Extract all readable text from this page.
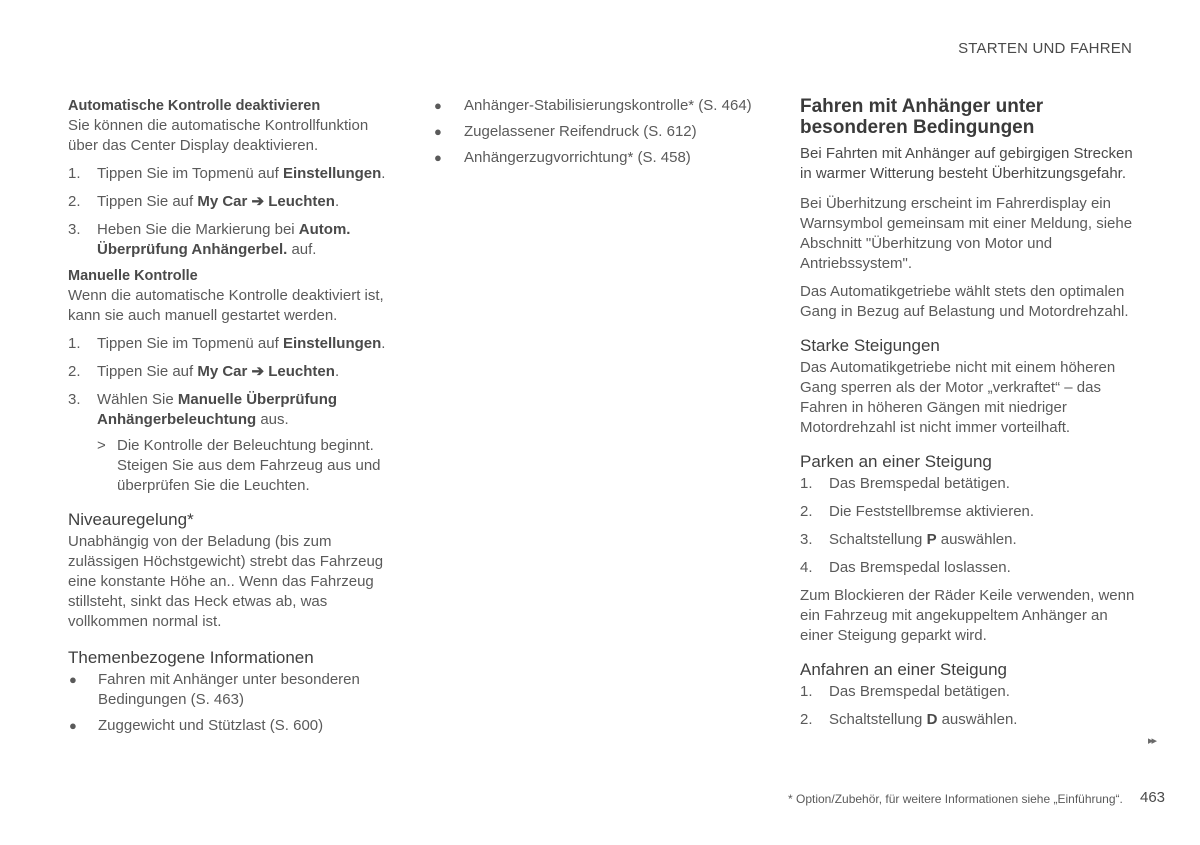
STARTEN UND FAHREN
Automatische Kontrolle deaktivieren

Sie können die automatische Kontrollfunktion über das Center Display deaktivieren.

1.	Tippen Sie im Topmenü auf Einstellungen.
2.	Tippen Sie auf My Car ➔ Leuchten.
3.	Heben Sie die Markierung bei Autom. Überprüfung Anhängerbel. auf.
Manuelle Kontrolle

Wenn die automatische Kontrolle deaktiviert ist, kann sie auch manuell gestartet werden.

1.	Tippen Sie im Topmenü auf Einstellungen.
2.	Tippen Sie auf My Car ➔ Leuchten.
3.	Wählen Sie Manuelle Überprüfung Anhängerbeleuchtung aus.
> Die Kontrolle der Beleuchtung beginnt. Steigen Sie aus dem Fahrzeug aus und überprüfen Sie die Leuchten.
Niveauregelung*

Unabhängig von der Beladung (bis zum zulässigen Höchstgewicht) strebt das Fahrzeug eine konstante Höhe an.. Wenn das Fahrzeug stillsteht, sinkt das Heck etwas ab, was vollkommen normal ist.

Themenbezogene Informationen
●	Fahren mit Anhänger unter besonderen Bedingungen (S. 463)
●	Zuggewicht und Stützlast (S. 600)
●	Anhänger-Stabilisierungskontrolle* (S. 464)
●	Zugelassener Reifendruck (S. 612)
●	Anhängerzugvorrichtung* (S. 458)
Fahren mit Anhänger unter besonderen Bedingungen

Bei Fahrten mit Anhänger auf gebirgigen Strecken in warmer Witterung besteht Überhitzungsgefahr.

Bei Überhitzung erscheint im Fahrerdisplay ein Warnsymbol gemeinsam mit einer Meldung, siehe Abschnitt "Überhitzung von Motor und Antriebssystem".

Das Automatikgetriebe wählt stets den optimalen Gang in Bezug auf Belastung und Motordrehzahl.

Starke Steigungen

Das Automatikgetriebe nicht mit einem höheren Gang sperren als der Motor „verkraftet“ – das Fahren in höheren Gängen mit niedriger Motordrehzahl ist nicht immer vorteilhaft.

Parken an einer Steigung
1.	Das Bremspedal betätigen.
2.	Die Feststellbremse aktivieren.
3.	Schaltstellung P auswählen.
4.	Das Bremspedal loslassen.

Zum Blockieren der Räder Keile verwenden, wenn ein Fahrzeug mit angekuppeltem Anhänger an einer Steigung geparkt wird.

Anfahren an einer Steigung
1.	Das Bremspedal betätigen.
2.	Schaltstellung D auswählen.
▸▸
* Option/Zubehör, für weitere Informationen siehe „Einführung“. 463
